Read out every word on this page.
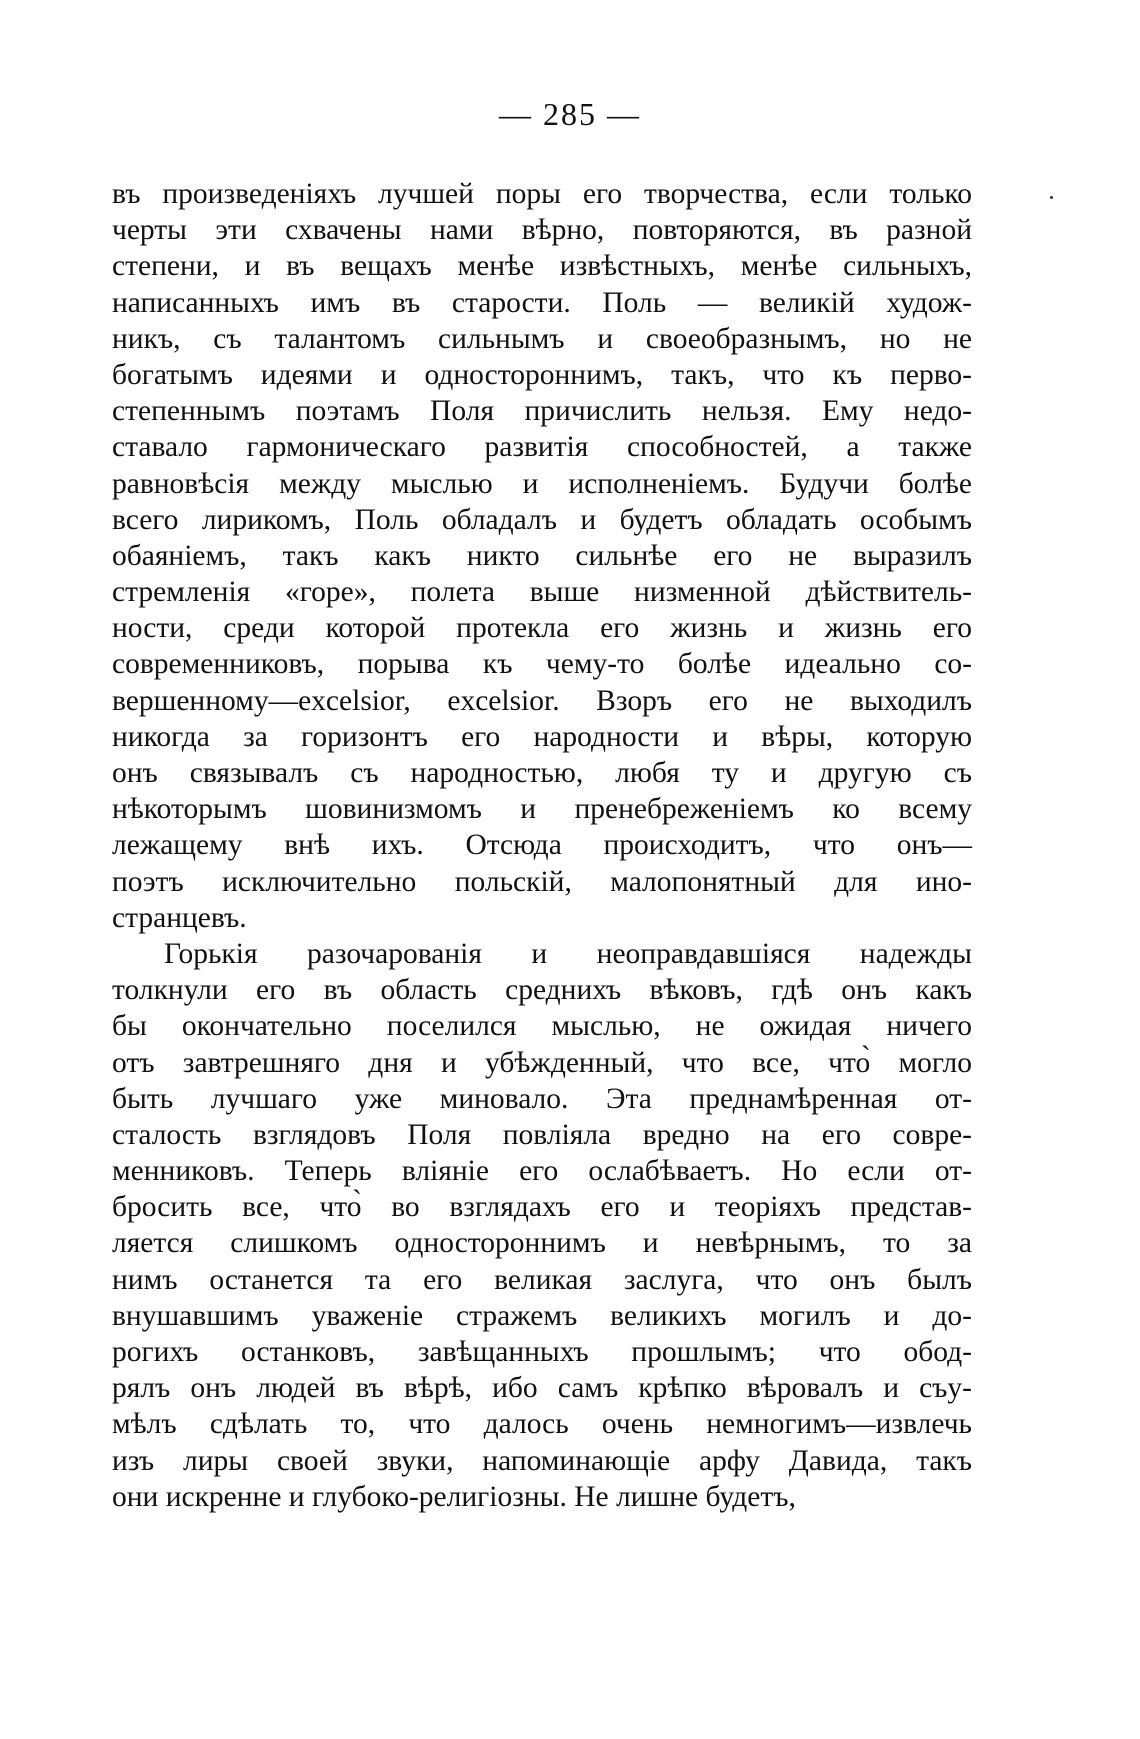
— 285 —
въ произведеніяхъ лучшей поры его творчества, если только
черты эти схвачены нами вѣрно, повторяются, въ разной
степени, и въ вещахъ менѣе извѣстныхъ, менѣе сильныхъ,
написанныхъ имъ въ старости. Поль — великій худож-
никъ, съ талантомъ сильнымъ и своеобразнымъ, но не
богатымъ идеями и одностороннимъ, такъ, что къ перво-
степеннымъ поэтамъ Поля причислить нельзя. Ему недо-
ставало гармоническаго развитія способностей, а также
равновѣсія между мыслью и исполненіемъ. Будучи болѣе
всего лирикомъ, Поль обладалъ и будетъ обладать особымъ
обаяніемъ, такъ какъ никто сильнѣе его не выразилъ
стремленія «горе», полета выше низменной дѣйствитель-
ности, среди которой протекла его жизнь и жизнь его
современниковъ, порыва къ чему-то болѣе идеально со-
вершенному—excelsior, excelsior. Взоръ его не выходилъ
никогда за горизонтъ его народности и вѣры, которую
онъ связывалъ съ народностью, любя ту и другую съ
нѣкоторымъ шовинизмомъ и пренебреженіемъ ко всему
лежащему внѣ ихъ. Отсюда происходитъ, что онъ—
поэтъ исключительно польскій, малопонятный для ино-
странцевъ.
Горькія разочарованія и неоправдавшіяся надежды
толкнули его въ область среднихъ вѣковъ, гдѣ онъ какъ
бы окончательно поселился мыслью, не ожидая ничего
отъ завтрешняго дня и убѣжденный, что все, что̀ могло
быть лучшаго уже миновало. Эта преднамѣренная от-
сталость взглядовъ Поля повліяла вредно на его совре-
менниковъ. Теперь вліяніе его ослабѣваетъ. Но если от-
бросить все, что̀ во взглядахъ его и теоріяхъ представ-
ляется слишкомъ одностороннимъ и невѣрнымъ, то за
нимъ останется та его великая заслуга, что онъ былъ
внушавшимъ уваженіе стражемъ великихъ могилъ и до-
рогихъ останковъ, завѣщанныхъ прошлымъ; что обод-
рялъ онъ людей въ вѣрѣ, ибо самъ крѣпко вѣровалъ и съу-
мѣлъ сдѣлать то, что далось очень немногимъ—извлечь
изъ лиры своей звуки, напоминающіе арфу Давида, такъ
они искренне и глубоко-религіозны. Не лишне будетъ,
